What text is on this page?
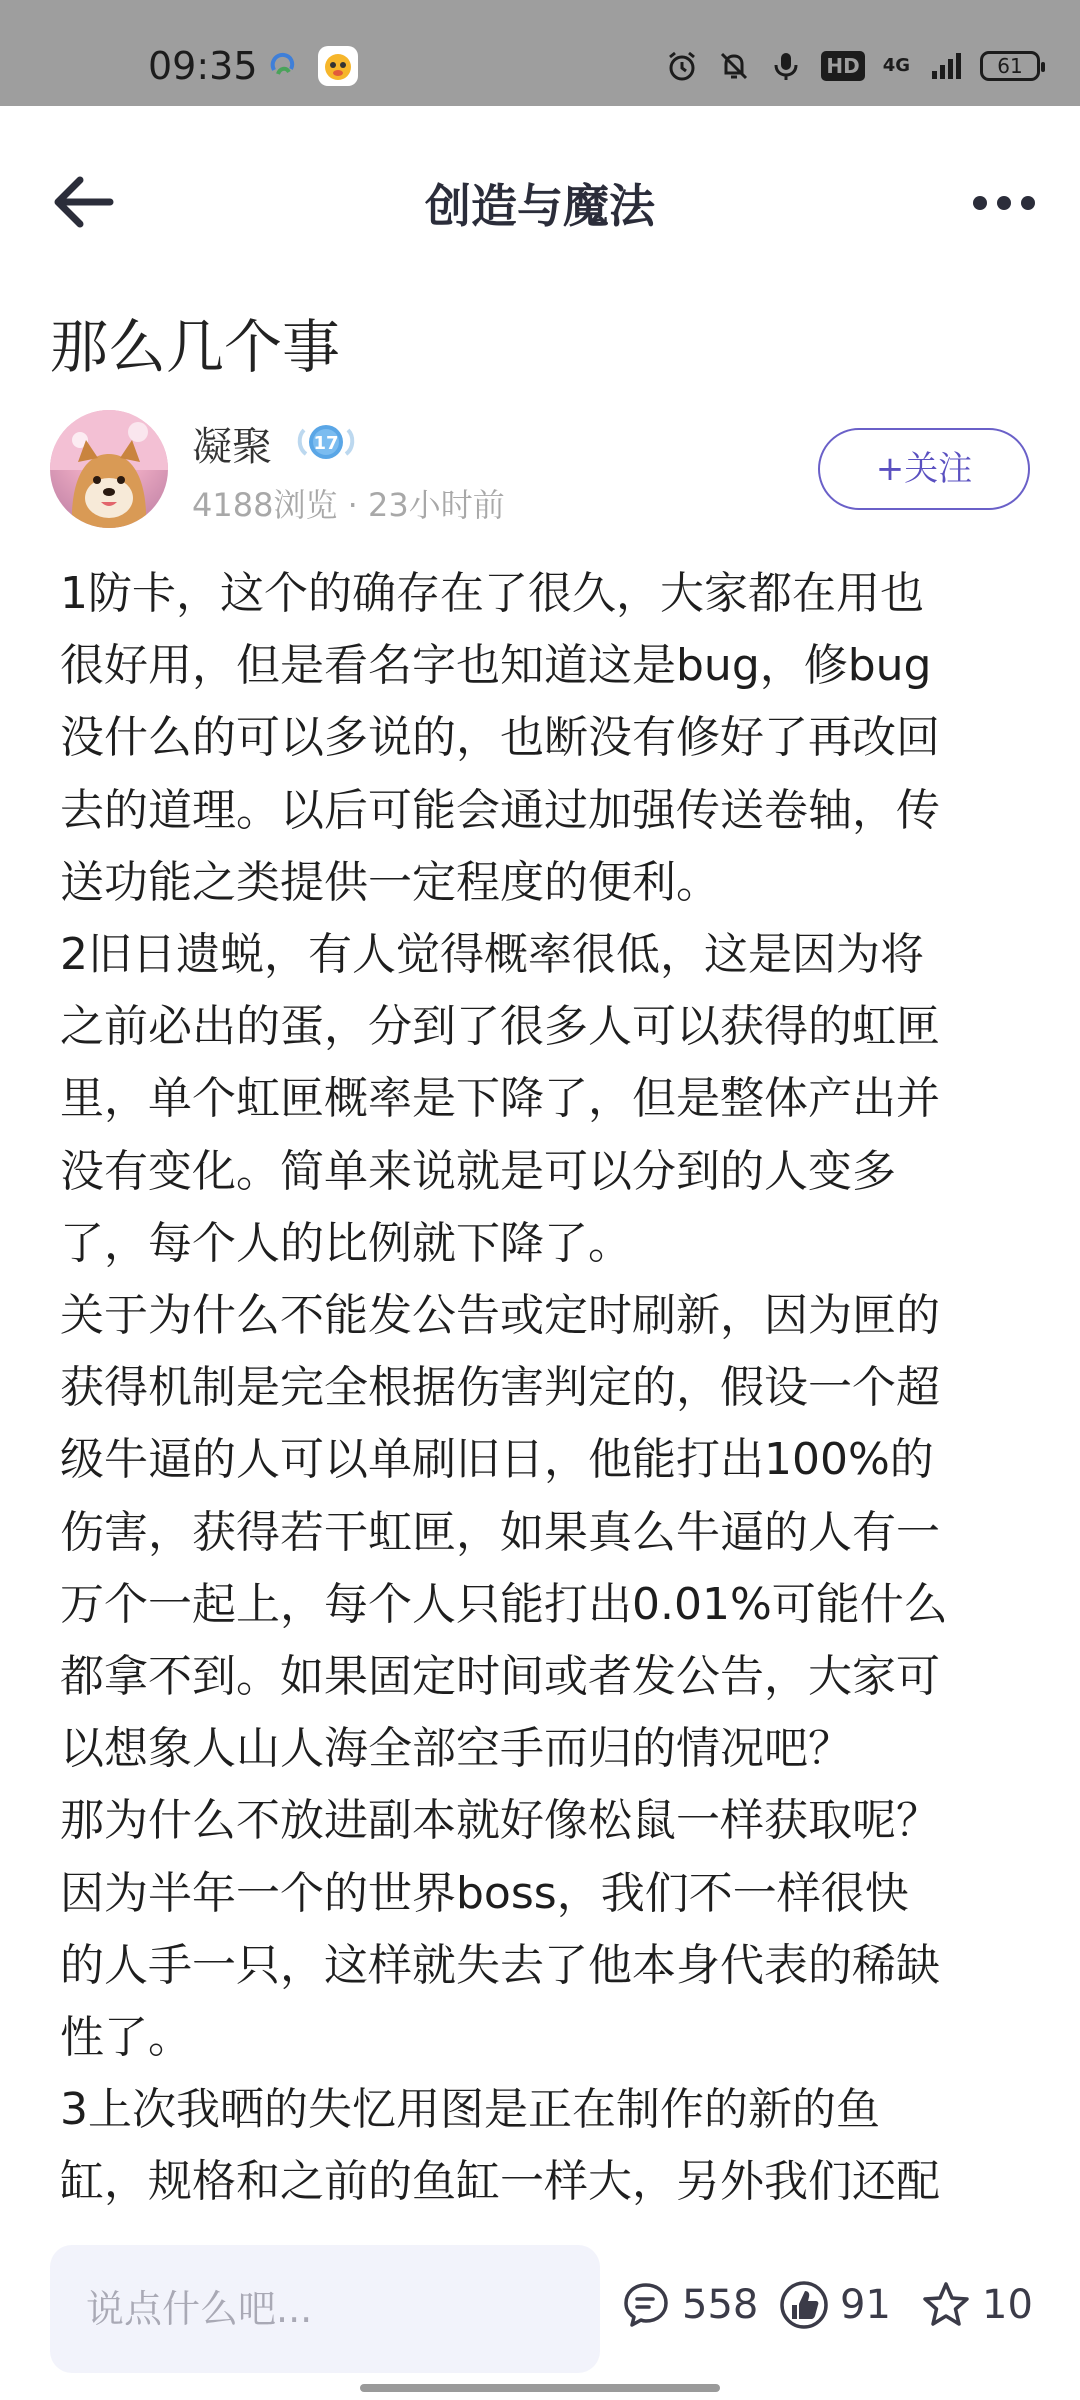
09:35	HD 4G	61
创造与魔法
那么几个事
凝聚 17
4188浏览 · 23小时前
+关注

1防卡，这个的确存在了很久，大家都在用也

很好用，但是看名字也知道这是bug，修bug

没什么的可以多说的，也断没有修好了再改回

去的道理。以后可能会通过加强传送卷轴，传

送功能之类提供一定程度的便利。

2旧日遗蜕，有人觉得概率很低，这是因为将

之前必出的蛋，分到了很多人可以获得的虹匣

里，单个虹匣概率是下降了，但是整体产出并

没有变化。简单来说就是可以分到的人变多

了，每个人的比例就下降了。

关于为什么不能发公告或定时刷新，因为匣的

获得机制是完全根据伤害判定的，假设一个超

级牛逼的人可以单刷旧日，他能打出100%的

伤害，获得若干虹匣，如果真么牛逼的人有一

万个一起上，每个人只能打出0.01%可能什么

都拿不到。如果固定时间或者发公告，大家可

以想象人山人海全部空手而归的情况吧？

那为什么不放进副本就好像松鼠一样获取呢？

因为半年一个的世界boss，我们不一样很快

的人手一只，这样就失去了他本身代表的稀缺

性了。

3上次我晒的失忆用图是正在制作的新的鱼

缸，规格和之前的鱼缸一样大，另外我们还配

说点什么吧...	558 91 10
